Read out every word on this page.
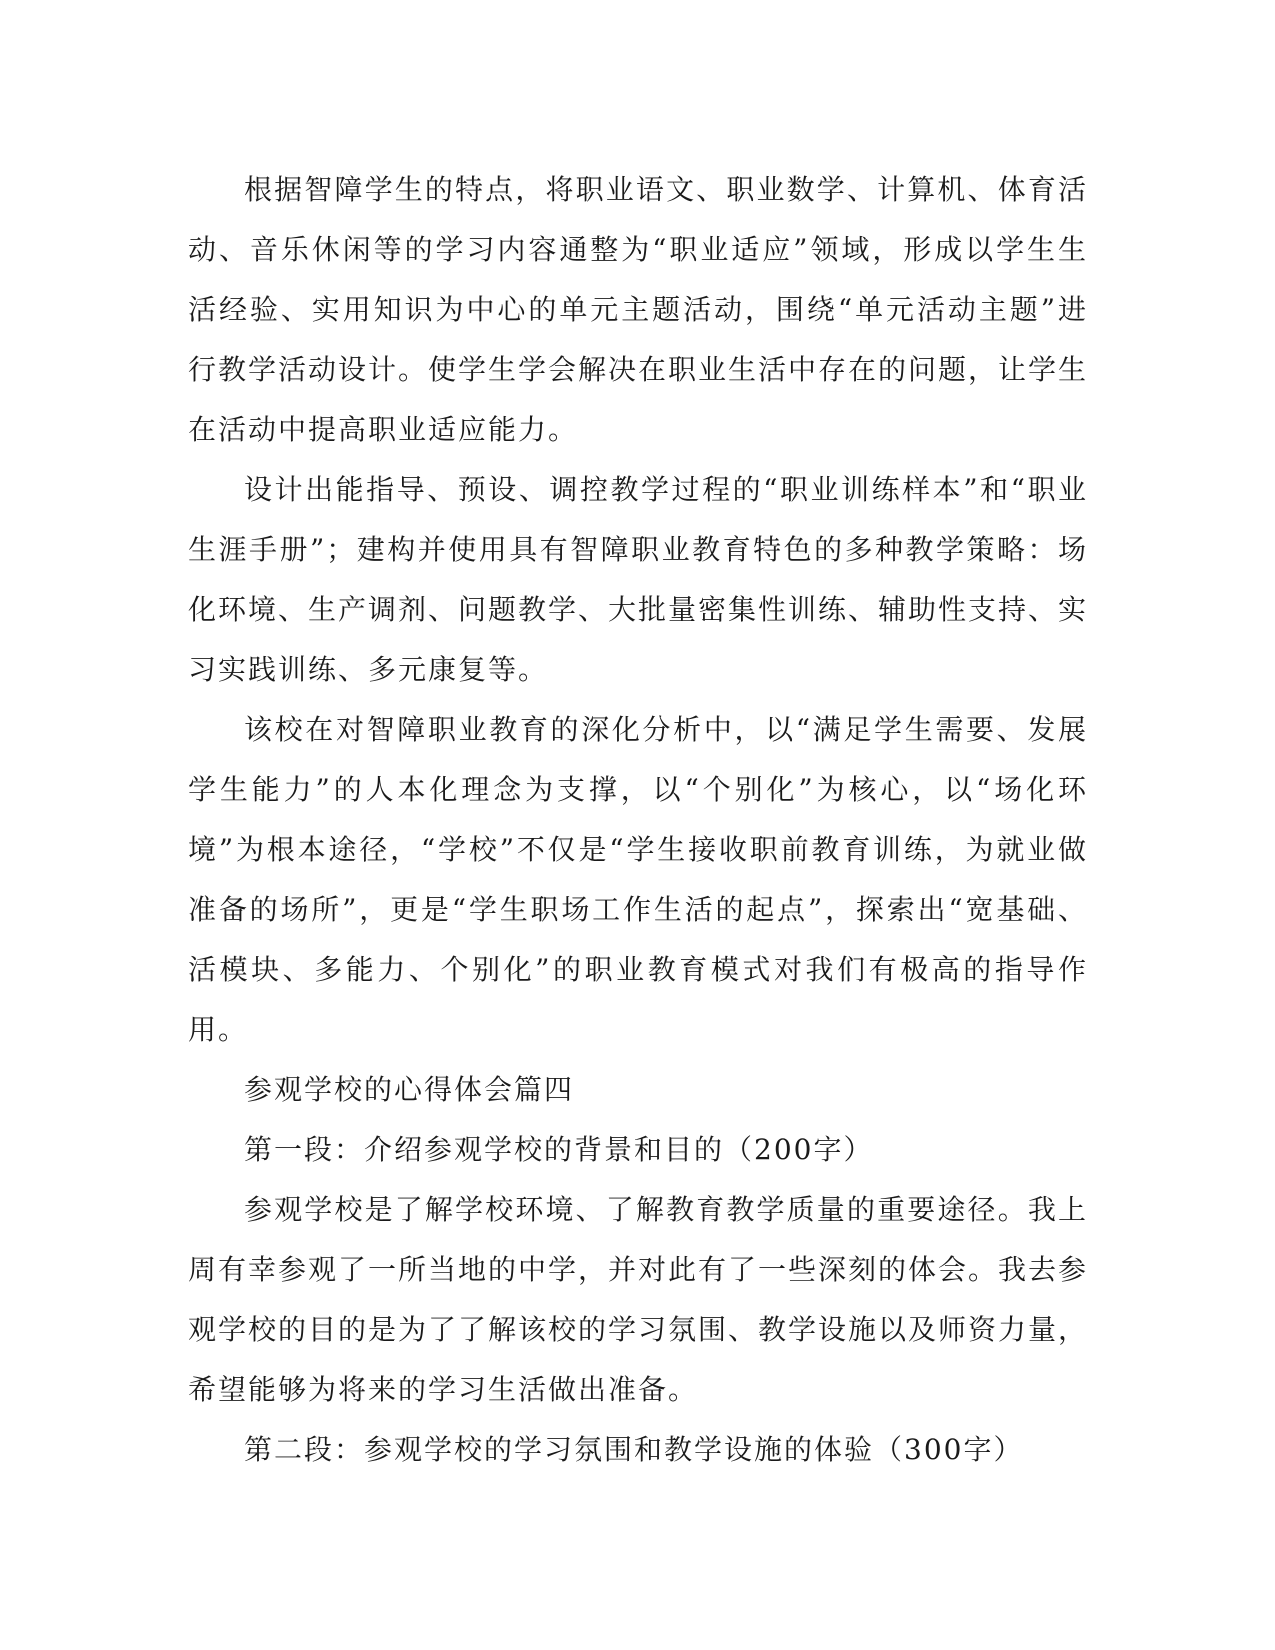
根据智障学生的特点，将职业语文、职业数学、计算机、体育活动、音乐休闲等的学习内容通整为“职业适应”领域，形成以学生生活经验、实用知识为中心的单元主题活动，围绕“单元活动主题”进行教学活动设计。使学生学会解决在职业生活中存在的问题，让学生在活动中提高职业适应能力。

设计出能指导、预设、调控教学过程的“职业训练样本”和“职业生涯手册”；建构并使用具有智障职业教育特色的多种教学策略：场化环境、生产调剂、问题教学、大批量密集性训练、辅助性支持、实习实践训练、多元康复等。

该校在对智障职业教育的深化分析中，以“满足学生需要、发展学生能力”的人本化理念为支撑，以“个别化”为核心，以“场化环境”为根本途径，“学校”不仅是“学生接收职前教育训练，为就业做准备的场所”，更是“学生职场工作生活的起点”，探索出“宽基础、活模块、多能力、个别化”的职业教育模式对我们有极高的指导作用。

参观学校的心得体会篇四

第一段：介绍参观学校的背景和目的（200字）

参观学校是了解学校环境、了解教育教学质量的重要途径。我上周有幸参观了一所当地的中学，并对此有了一些深刻的体会。我去参观学校的目的是为了了解该校的学习氛围、教学设施以及师资力量，希望能够为将来的学习生活做出准备。

第二段：参观学校的学习氛围和教学设施的体验（300字）
